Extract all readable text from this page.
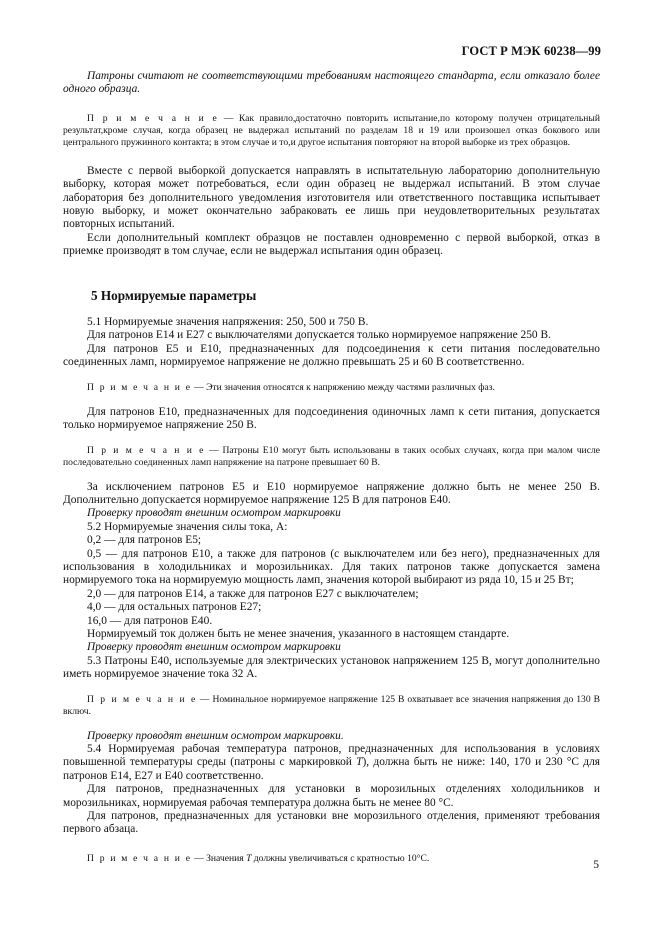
ГОСТ Р МЭК 60238—99

Патроны считают не соответствующими требованиям настоящего стандарта, если отказало более одного образца.

П р и м е ч а н и е — Как правило,достаточно повторить испытание,по которому получен отрицательный результат,кроме случая, когда образец не выдержал испытаний по разделам 18 и 19 или произошел отказ бокового или центрального пружинного контакта; в этом случае и то,и другое испытания повторяют на второй выборке из трех образцов.

Вместе с первой выборкой допускается направлять в испытательную лабораторию дополнительную выборку, которая может потребоваться, если один образец не выдержал испытаний. В этом случае лаборатория без дополнительного уведомления изготовителя или ответственного поставщика испытывает новую выборку, и может окончательно забраковать ее лишь при неудовлетворительных результатах повторных испытаний.

Если дополнительный комплект образцов не поставлен одновременно с первой выборкой, отказ в приемке производят в том случае, если не выдержал испытания один образец.

5 Нормируемые параметры

5.1 Нормируемые значения напряжения: 250, 500 и 750 В.

Для патронов Е14 и Е27 с выключателями допускается только нормируемое напряжение 250 В.

Для патронов Е5 и Е10, предназначенных для подсоединения к сети питания последовательно соединенных ламп, нормируемое напряжение не должно превышать 25 и 60 В соответственно.

П р и м е ч а н и е — Эти значения относятся к напряжению между частями различных фаз.

Для патронов Е10, предназначенных для подсоединения одиночных ламп к сети питания, допускается только нормируемое напряжение 250 В.

П р и м е ч а н и е — Патроны Е10 могут быть использованы в таких особых случаях, когда при малом числе последовательно соединенных ламп напряжение на патроне превышает 60 В.

За исключением патронов Е5 и Е10 нормируемое напряжение должно быть не менее 250 В. Дополнительно допускается нормируемое напряжение 125 В для патронов Е40.

Проверку проводят внешним осмотром маркировки

5.2 Нормируемые значения силы тока, А:

0,2 — для патронов Е5;

0,5 — для патронов Е10, а также для патронов (с выключателем или без него), предназначенных для использования в холодильниках и морозильниках. Для таких патронов также допускается замена нормируемого тока на нормируемую мощность ламп, значения которой выбирают из ряда 10, 15 и 25 Вт;

2,0 — для патронов Е14, а также для патронов Е27 с выключателем;

4,0 — для остальных патронов Е27;

16,0 — для патронов Е40.

Нормируемый ток должен быть не менее значения, указанного в настоящем стандарте.

Проверку проводят внешним осмотром маркировки

5.3 Патроны Е40, используемые для электрических установок напряжением 125 В, могут дополнительно иметь нормируемое значение тока 32 А.

П р и м е ч а н и е — Номинальное нормируемое напряжение 125 В охватывает все значения напряжения до 130 В включ.

Проверку проводят внешним осмотром маркировки.

5.4 Нормируемая рабочая температура патронов, предназначенных для использования в условиях повышенной температуры среды (патроны с маркировкой T), должна быть не ниже: 140, 170 и 230 °С для патронов Е14, Е27 и Е40 соответственно.

Для патронов, предназначенных для установки в морозильных отделениях холодильников и морозильниках, нормируемая рабочая температура должна быть не менее 80 °С.

Для патронов, предназначенных для установки вне морозильного отделения, применяют требования первого абзаца.

П р и м е ч а н и е — Значения T должны увеличиваться с кратностью 10°С.

5
